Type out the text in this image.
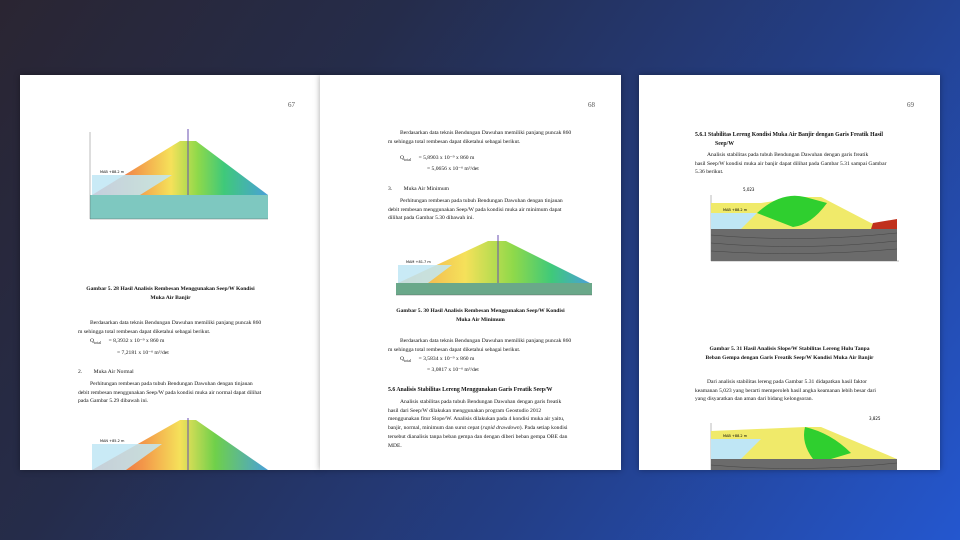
67
MAB +88.2 m
Gambar 5. 28 Hasil Analisis Rembesan Menggunakan Seep/W Kondisi
Muka Air Banjir
Berdasarkan data teknis Bendungan Dawuhan memiliki panjang puncak 860
m sehingga total rembesan dapat diketahui sebagai berikut.
$Q_{total} = 8,3932$ x 10⁻⁹ x 860 m
= 7,2181 x 10⁻⁶ m³/det
2. Muka Air Normal
Perhitungan rembesan pada tubuh Bendungan Dawuhan dengan tinjauan
debit rembesan menggunakan Seep/W pada kondisi muka air normal dapat dilihat
pada Gambar 5.29 dibawah ini.
MAN +85.2 m
68
Berdasarkan data teknis Bendungan Dawuhan memiliki panjang puncak 860
m sehingga total rembesan dapat diketahui sebagai berikut.
$Q_{total} = 5,8903$ x 10⁻⁹ x 860 m
= 5,0656 x 10⁻⁶ m³/det
3. Muka Air Minimum
Perhitungan rembesan pada tubuh Bendungan Dawuhan dengan tinjauan
debit rembesan menggunakan Seep/W pada kondisi muka air minimum dapat
dilihat pada Gambar 5.30 dibawah ini.
MAM +81.7 m
Gambar 5. 30 Hasil Analisis Rembesan Menggunakan Seep/W Kondisi
Muka Air Minimum
Berdasarkan data teknis Bendungan Dawuhan memiliki panjang puncak 860
m sehingga total rembesan dapat diketahui sebagai berikut.
$Q_{total} = 3,5834$ x 10⁻⁹ x 860 m
= 3,0817 x 10⁻⁶ m³/det
5.6 Analisis Stabilitas Lereng Menggunakan Garis Freatik Seep/W
Analisis stabilitas pada tubuh Bendungan Dawuhan dengan garis freatik
hasil dari Seep/W dilakukan menggunakan program Geostudio 2012
menggunakan fitur Slope/W. Analisis dilakukan pada 4 kondisi muka air yaitu,
banjir, normal, minimum dan surut cepat (rapid drawdown). Pada setiap kondisi
tersebut dianalisis tanpa beban gempa dan dengan diberi beban gempa OBE dan
MDE.
69
5.6.1 Stabilitas Lereng Kondisi Muka Air Banjir dengan Garis Freatik Hasil
Seep/W
Analisis stabilitas pada tubuh Bendungan Dawuhan dengan garis freatik
hasil Seep/W kondisi muka air banjir dapat dilihat pada Gambar 5.31 sampai Gambar
5.36 berikut.
5,023
MAB +88.2 m
Gambar 5. 31 Hasil Analisis Slope/W Stabilitas Lereng Hulu Tanpa
Beban Gempa dengan Garis Freatik Seep/W Kondisi Muka Air Banjir
Dari analisis stabilitas lereng pada Gambar 5.31 didapatkan hasil faktor
keamanan 5,023 yang berarti memperoleh hasil angka keamanan lebih besar dari
yang disyaratkan dan aman dari bidang kelongsoran.
3,825
MAB +88.2 m
